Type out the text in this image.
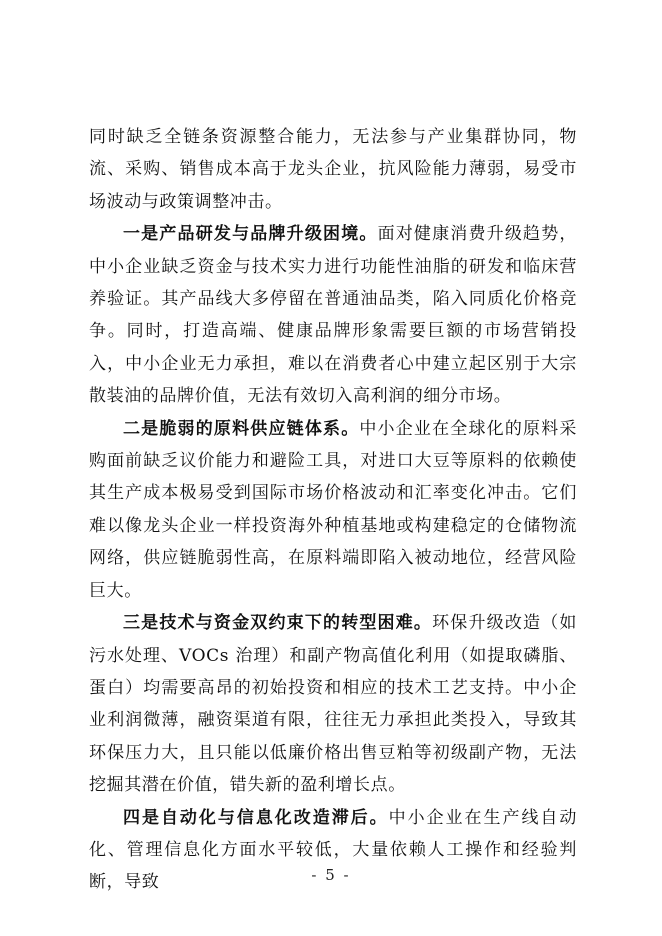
同时缺乏全链条资源整合能力，无法参与产业集群协同，物流、采购、销售成本高于龙头企业，抗风险能力薄弱，易受市场波动与政策调整冲击。

一是产品研发与品牌升级困境。面对健康消费升级趋势，中小企业缺乏资金与技术实力进行功能性油脂的研发和临床营养验证。其产品线大多停留在普通油品类，陷入同质化价格竞争。同时，打造高端、健康品牌形象需要巨额的市场营销投入，中小企业无力承担，难以在消费者心中建立起区别于大宗散装油的品牌价值，无法有效切入高利润的细分市场。

二是脆弱的原料供应链体系。中小企业在全球化的原料采购面前缺乏议价能力和避险工具，对进口大豆等原料的依赖使其生产成本极易受到国际市场价格波动和汇率变化冲击。它们难以像龙头企业一样投资海外种植基地或构建稳定的仓储物流网络，供应链脆弱性高，在原料端即陷入被动地位，经营风险巨大。

三是技术与资金双约束下的转型困难。环保升级改造（如污水处理、VOCs 治理）和副产物高值化利用（如提取磷脂、蛋白）均需要高昂的初始投资和相应的技术工艺支持。中小企业利润微薄，融资渠道有限，往往无力承担此类投入，导致其环保压力大，且只能以低廉价格出售豆粕等初级副产物，无法挖掘其潜在价值，错失新的盈利增长点。

四是自动化与信息化改造滞后。中小企业在生产线自动化、管理信息化方面水平较低，大量依赖人工操作和经验判断，导致	- 5 -
